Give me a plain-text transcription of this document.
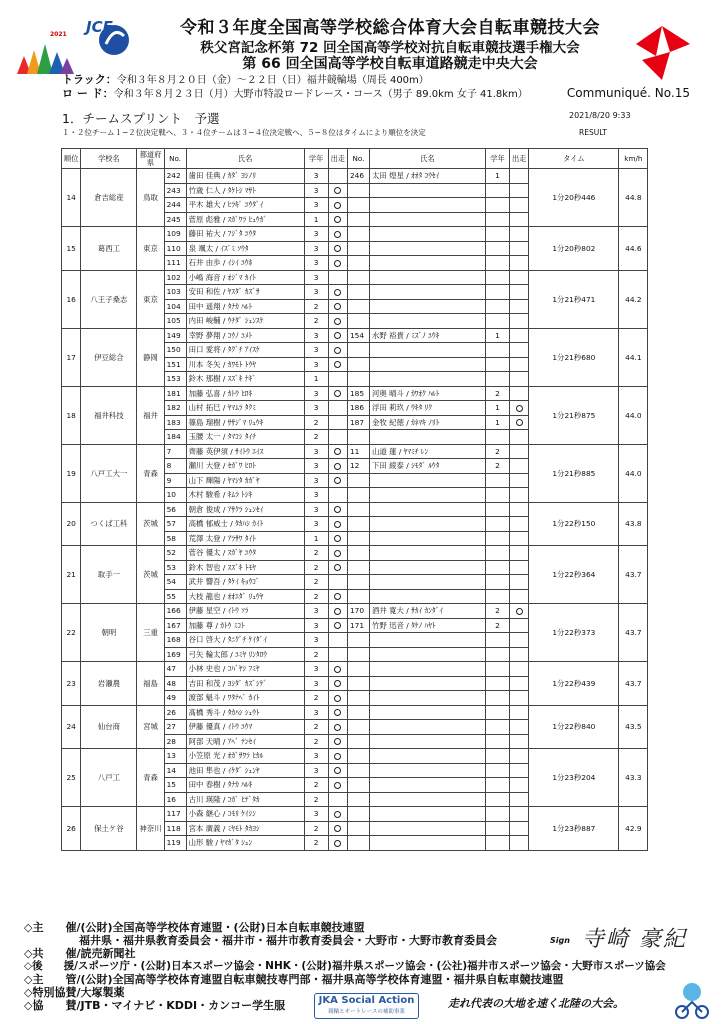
JCF
2021	令和３年度全国高等学校総合体育大会自転車競技大会
秩父宮記念杯第 72 回全国高等学校対抗自転車競技選手権大会
第 66 回全国高等学校自転車道路競走中央大会
トラック：令和３年８月２０日（金）～２２日（日）福井競輪場（周長 400m）
ロ ー ド：令和３年８月２３日（月）大野市特設ロードレース・コース（男子 89.0km 女子 41.8km）	Communiqué. No.15
1．チームスプリント　予選	2021/8/20 9:33
１・２位チーム１−２位決定戦へ、３・４位チームは３−４位決定戦へ、５−８位はタイムにより順位を決定	RESULT
順位	学校名	都道府県	No.	氏名	学年	出走	No.	氏名	学年	出走	タイム	km/h
14	倉吉総産	鳥取	242	歯田 佳典 / ｶﾀﾞ ﾖｼﾉﾘ	3		246	太田 煌星 / ｵｵﾀ ｺｳｾｲ	1		1分20秒446	44.8
			243	竹歳 仁人 / ﾀｹﾄｼ ﾏｻﾄ	3							
			244	平木 雄大 / ﾋﾗｷﾞ ﾕｳﾀﾞｲ	3							
			245	菅原 彪雅 / ｽｶﾞﾜﾗ ﾋｭｳｶﾞ	1							
15	葛西工	東京	109	藤田 祐大 / ﾌｼﾞﾀ ﾕｳﾀ	3						1分20秒802	44.6
			110	泉 颯太 / ｲｽﾞﾐ ｿｳﾀ	3							
			111	石井 由歩 / ｲｼｲ ﾕｳﾎ	3							
16	八王子桑志	東京	102	小嶋 海音 / ｵｼﾞﾏ ｶｲﾄ	3						1分21秒471	44.2
			103	安田 和佐 / ﾔｽﾀﾞ ｶｽﾞｻ	3							
			104	田中 遥翔 / ﾀﾅｶ ﾊﾙﾄ	2							
			105	内田 峻輔 / ｳﾁﾀﾞ ｼｭﾝｽｹ	2							
17	伊豆総合	静岡	149	幸野 夢翔 / ｺｳﾉ ﾕﾒﾄ	3		154	水野 裕貴 / ﾐｽﾞﾉ ﾕｳｷ	1		1分21秒680	44.1
			150	田口 愛将 / ﾀｸﾞﾁ ｱｲｽｹ	3							
			151	川本 冬矢 / ｶﾜﾓﾄ ﾄｳﾔ	3							
			153	鈴木 那樹 / ｽｽﾞｷ ﾅｷﾞ	1							
18	福井科技	福井	181	加藤 弘喜 / ｶﾄｳ ﾋﾛｷ	3		185	河奥 晴斗 / ｶﾜｵｸ ﾊﾙﾄ	2		1分21秒875	44.0
			182	山村 拓巳 / ﾔﾏﾑﾗ ﾀｸﾐ	3		186	浮田 莉玖 / ｳｷﾀ ﾘｸ	1			
			183	篠島 瑠樹 / ｻｻｼﾞﾏ ﾘｭｳｷ	2		187	金牧 紀徳 / ｶﾈﾏｷ ﾉﾘﾄ	1			
			184	玉腰 太一 / ﾀﾏｺｼ ﾀｲﾁ	2							
19	八戸工大一	青森	7	齊藤 英伊須 / ｻｲﾄｳ ｴｲｽ	3		11	山道 蓮 / ﾔﾏﾐﾁ ﾚﾝ	2		1分21秒885	44.0
			8	瀬川 大登 / ｾｶﾞﾜ ﾋﾛﾄ	3		12	下田 綾泰 / ｼﾓﾀﾞ ﾙｳﾀ	2			
			9	山下 輝陽 / ﾔﾏｼﾀ ｶｶﾞﾔ	3							
			10	木村 駿希 / ｷﾑﾗ ﾄｼｷ	3							
20	つくば工科	茨城	56	朝倉 俊成 / ｱｻｸﾗ ｼｭﾝｾｲ	3						1分22秒150	43.8
			57	高橋 郁威士 / ﾀｶﾊｼ ｶｲﾄ	3							
			58	荒澤 太登 / ｱﾗｻﾜ ﾀｲﾄ	1							
21	取手一	茨城	52	菅谷 優太 / ｽｶﾞﾔ ﾕｳﾀ	2						1分22秒364	43.7
			53	鈴木 智也 / ｽｽﾞｷ ﾄﾓﾔ	2							
			54	武井 響吾 / ﾀｹｲ ｷｮｳｺﾞ	2							
			55	大枝 龍也 / ｵｵｴﾀﾞ ﾘｭｳﾔ	2							
22	朝明	三重	166	伊藤 星空 / ｲﾄｳ ｿﾗ	3		170	酒井 寛大 / ｻｶｲ ｶﾝﾀﾞｲ	2		1分22秒373	43.7
			167	加藤 尊 / ｶﾄｳ ﾐｺﾄ	3		171	竹野 迅音 / ﾀｹﾉ ﾊﾔﾄ	2			
			168	谷口 啓大 / ﾀﾆｸﾞﾁ ｹｲﾀﾞｲ	3							
			169	弓矢 輪太郎 / ﾕﾐﾔ ﾘﾝﾀﾛｳ	2							
23	岩瀬農	福島	47	小林 史也 / ｺﾊﾞﾔｼ ﾌﾐﾔ	3						1分22秒439	43.7
			48	吉田 和茂 / ﾖｼﾀﾞ ｶｽﾞｼｹﾞ	3							
			49	渡部 魁斗 / ﾜﾀﾅﾍﾞ ｶｲﾄ	2							
24	仙台商	宮城	26	髙橋 秀斗 / ﾀｶﾊｼ ｼｭｳﾄ	3						1分22秒840	43.5
			27	伊藤 優真 / ｲﾄｳ ﾕｳﾏ	2							
			28	阿部 天晴 / ｱﾍﾞ ﾃﾝｾｲ	2							
25	八戸工	青森	13	小笠原 光 / ｵｶﾞｻﾜﾗ ﾋｶﾙ	3						1分23秒204	43.3
			14	池田 隼也 / ｲｹﾀﾞ ｼｭﾝﾔ	3							
			15	田中 春樹 / ﾀﾅｶ ﾊﾙｷ	2							
			16	古川 瑛隆 / ｺｶﾞ ﾋﾃﾞﾀｶ	2							
26	保土ケ谷	神奈川	117	小森 継心 / ｺﾓﾘ ｹｲｼﾝ	3						1分23秒887	42.9
			118	宮本 廣義 / ﾐﾔﾓﾄ ﾀｶﾖｼ	2							
			119	山形 駿 / ﾔﾏｶﾞﾀ ｼｭﾝ	2							
◇主　　催/(公財)全国高等学校体育連盟・(公財)日本自転車競技連盟
　　　　　福井県・福井県教育委員会・福井市・福井市教育委員会・大野市・大野市教育委員会
◇共　　催/読売新聞社
◇後　　援/スポーツ庁・(公財)日本スポーツ協会・NHK・(公財)福井県スポーツ協会・(公社)福井市スポーツ協会・大野市スポーツ協会
◇主　　管/(公財)全国高等学校体育連盟自転車競技専門部・福井県高等学校体育連盟・福井県自転車競技連盟
◇特別協賛/大塚製薬
◇協　　賛/JTB・マイナビ・KDDI・カンコー学生服
Sign 寺崎 豪紀
JKA Social Action
競輪とオートレースの補助事業
走れ代表の大地を速く北陸の大会。
